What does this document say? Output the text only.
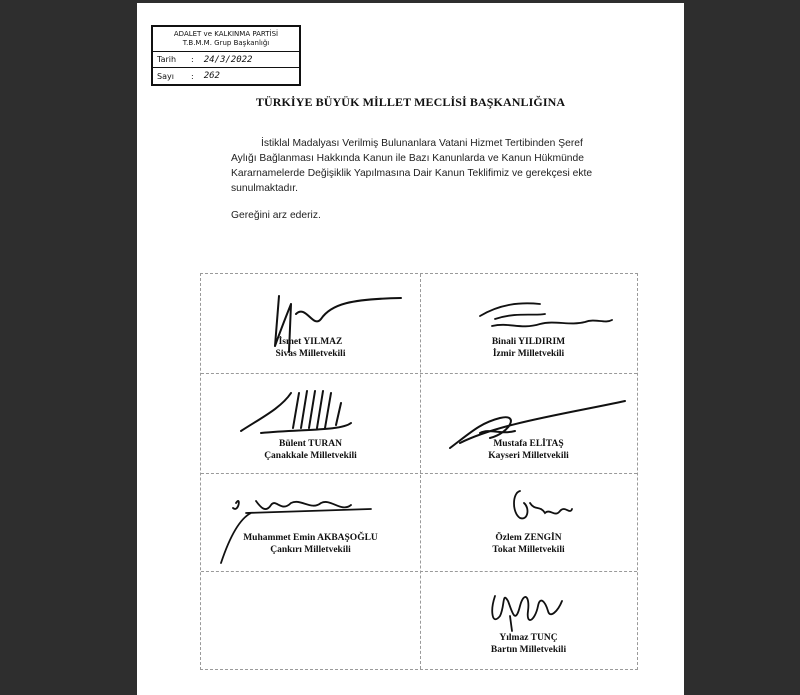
ADALET ve KALKINMA PARTİSİ
T.B.M.M. Grup Başkanlığı
Tarih	: 24/3/2022
Sayı	: 262
TÜRKİYE BÜYÜK MİLLET MECLİSİ BAŞKANLIĞINA

İstiklal Madalyası Verilmiş Bulunanlara Vatani Hizmet Tertibinden Şeref Aylığı Bağlanması Hakkında Kanun ile Bazı Kanunlarda ve Kanun Hükmünde Kararnamelerde Değişiklik Yapılmasına Dair Kanun Teklifimiz ve gerekçesi ekte sunulmaktadır.

Gereğini arz ederiz.
İsmet YILMAZ
Sivas Milletvekili
Binali YILDIRIM
İzmir Milletvekili
Bülent TURAN
Çanakkale Milletvekili
Mustafa ELİTAŞ
Kayseri Milletvekili
Muhammet Emin AKBAŞOĞLU
Çankırı Milletvekili
Özlem ZENGİN
Tokat Milletvekili
Yılmaz TUNÇ
Bartın Milletvekili
